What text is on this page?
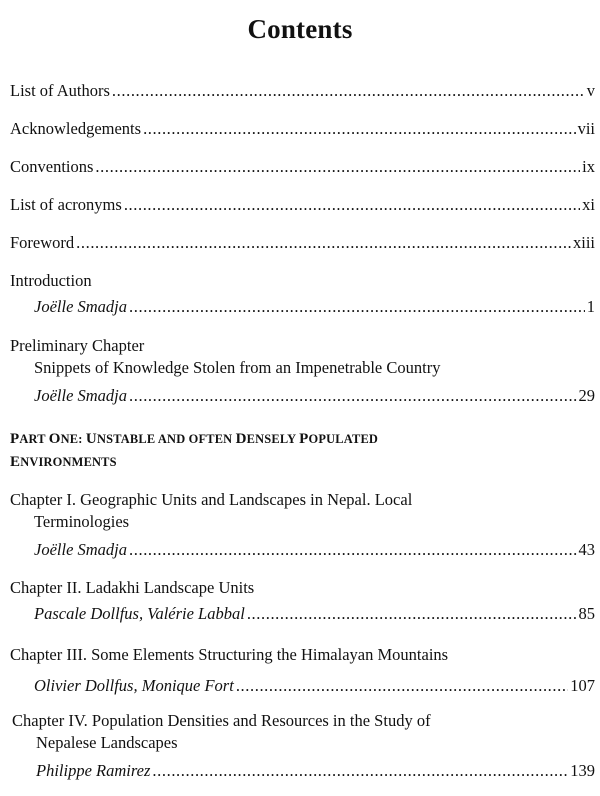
Contents
List of Authors .....	v
Acknowledgements .....	vii
Conventions .....	ix
List of acronyms .....	xi
Foreword .....	xiii
Introduction
Joëlle Smadja .....	1
Preliminary Chapter
Snippets of Knowledge Stolen from an Impenetrable Country
Joëlle Smadja .....	29
PART ONE: UNSTABLE AND OFTEN DENSELY POPULATED
ENVIRONMENTS
Chapter I. Geographic Units and Landscapes in Nepal. Local
Terminologies
Joëlle Smadja .....	43
Chapter II. Ladakhi Landscape Units
Pascale Dollfus, Valérie Labbal .....	85
Chapter III. Some Elements Structuring the Himalayan Mountains
Olivier Dollfus, Monique Fort .....	107
Chapter IV. Population Densities and Resources in the Study of
Nepalese Landscapes
Philippe Ramirez .....	139
